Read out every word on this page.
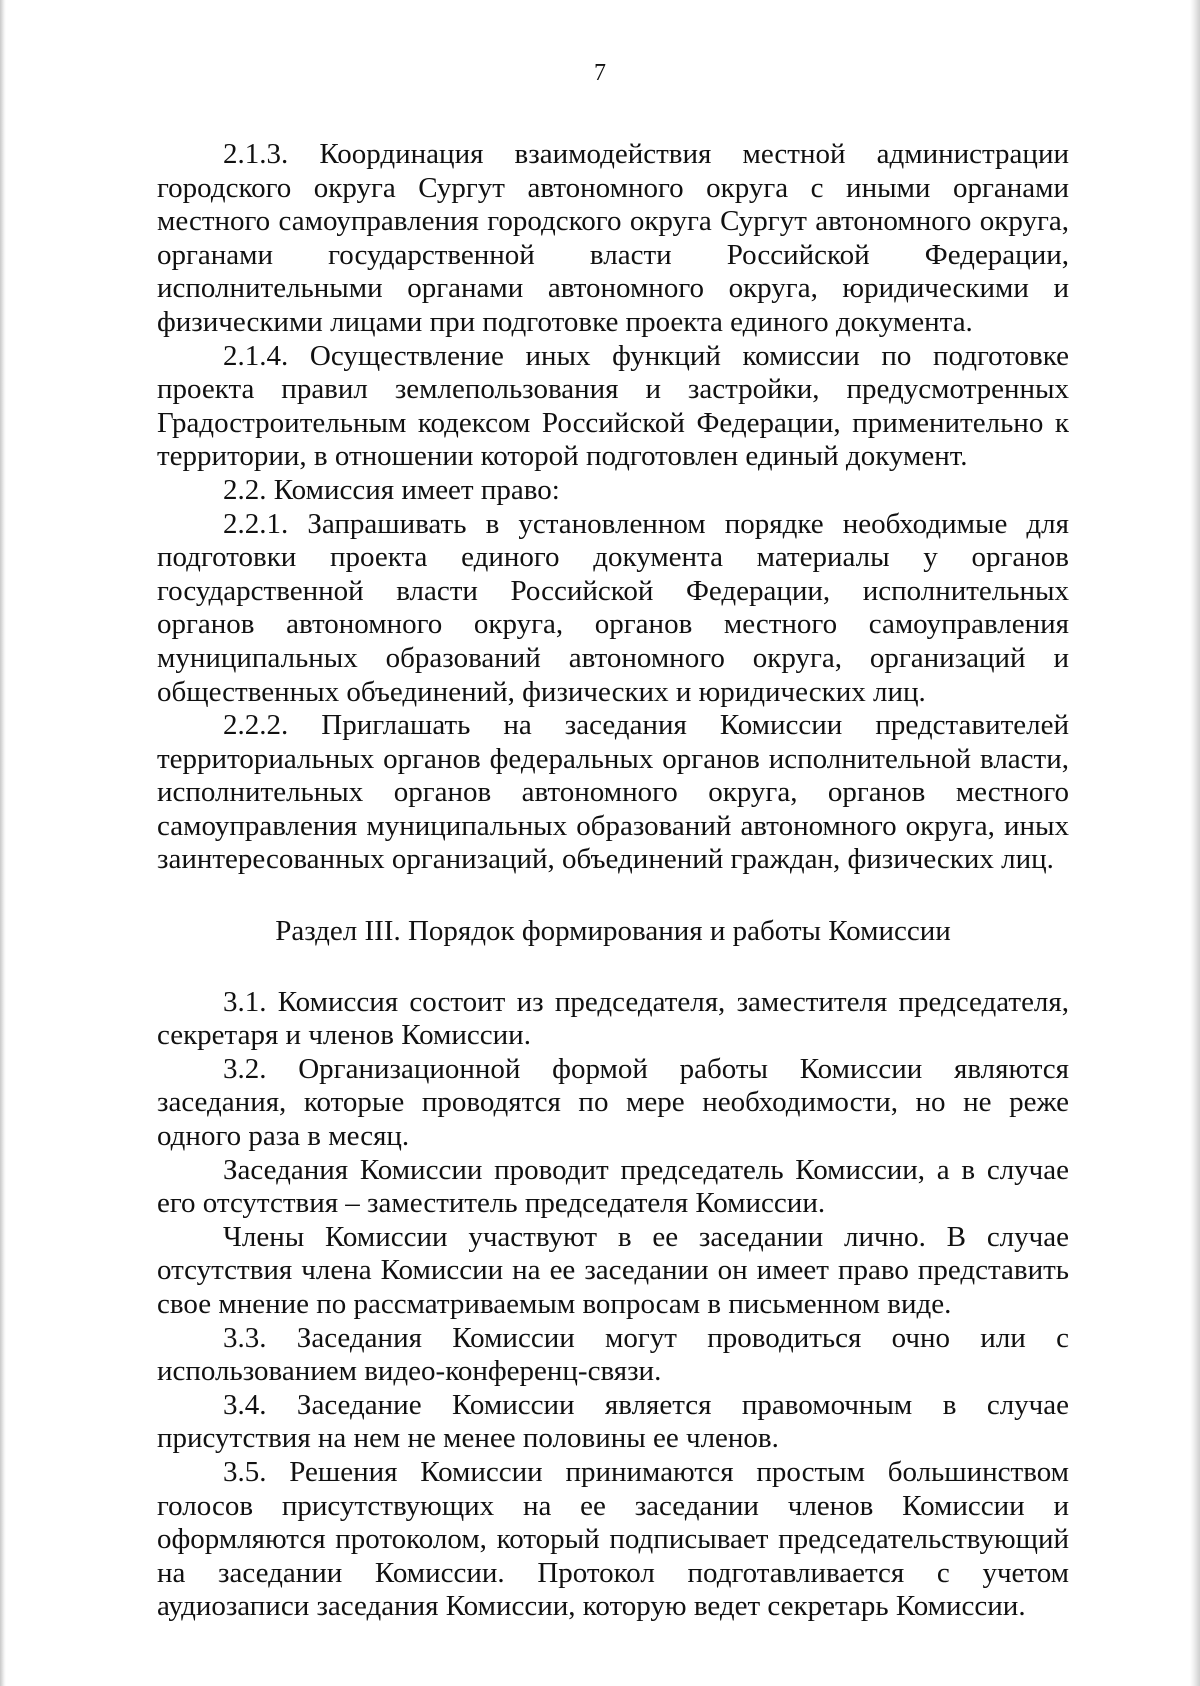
7

2.1.3. Координация взаимодействия местной администрации городского округа Сургут автономного округа с иными органами местного самоуправления городского округа Сургут автономного округа, органами государственной власти Российской Федерации, исполнительными органами автономного округа, юридическими и физическими лицами при подготовке проекта единого документа.

2.1.4. Осуществление иных функций комиссии по подготовке проекта правил землепользования и застройки, предусмотренных Градостроительным кодексом Российской Федерации, применительно к территории, в отношении которой подготовлен единый документ.

2.2. Комиссия имеет право:

2.2.1. Запрашивать в установленном порядке необходимые для подготовки проекта единого документа материалы у органов государственной власти Российской Федерации, исполнительных органов автономного округа, органов местного самоуправления муниципальных образований автономного округа, организаций и общественных объединений, физических и юридических лиц.

2.2.2. Приглашать на заседания Комиссии представителей территориальных органов федеральных органов исполнительной власти, исполнительных органов автономного округа, органов местного самоуправления муниципальных образований автономного округа, иных заинтересованных организаций, объединений граждан, физических лиц.

Раздел III. Порядок формирования и работы Комиссии

3.1. Комиссия состоит из председателя, заместителя председателя, секретаря и членов Комиссии.

3.2. Организационной формой работы Комиссии являются заседания, которые проводятся по мере необходимости, но не реже одного раза в месяц.

Заседания Комиссии проводит председатель Комиссии, а в случае его отсутствия – заместитель председателя Комиссии.

Члены Комиссии участвуют в ее заседании лично. В случае отсутствия члена Комиссии на ее заседании он имеет право представить свое мнение по рассматриваемым вопросам в письменном виде.

3.3. Заседания Комиссии могут проводиться очно или с использованием видео-конференц-связи.

3.4. Заседание Комиссии является правомочным в случае присутствия на нем не менее половины ее членов.

3.5. Решения Комиссии принимаются простым большинством голосов присутствующих на ее заседании членов Комиссии и оформляются протоколом, который подписывает председательствующий на заседании Комиссии. Протокол подготавливается с учетом аудиозаписи заседания Комиссии, которую ведет секретарь Комиссии.
